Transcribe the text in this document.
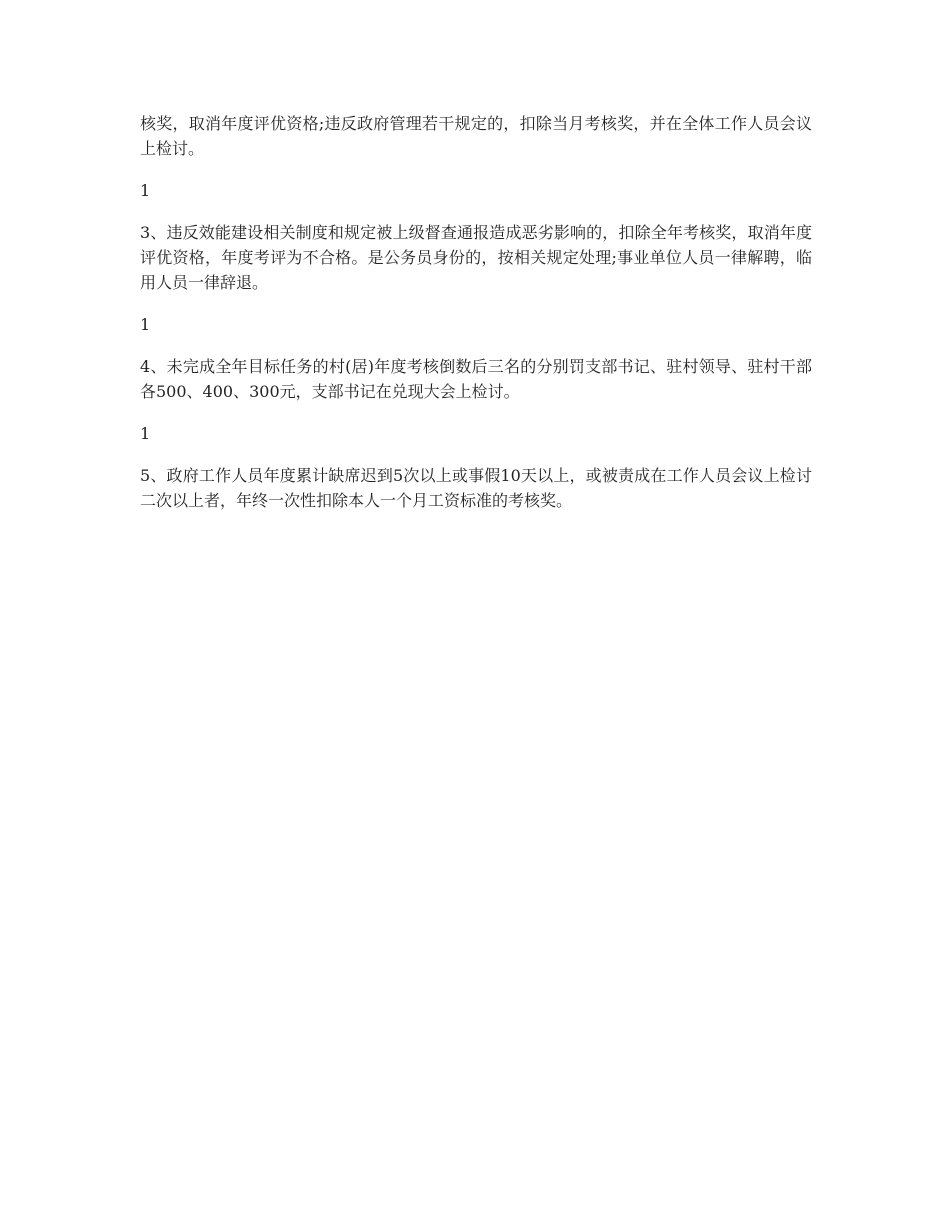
核奖，取消年度评优资格;违反政府管理若干规定的，扣除当月考核奖，并在全体工作人员会议上检讨。

1

3、违反效能建设相关制度和规定被上级督查通报造成恶劣影响的，扣除全年考核奖，取消年度评优资格，年度考评为不合格。是公务员身份的，按相关规定处理;事业单位人员一律解聘，临用人员一律辞退。

1

4、未完成全年目标任务的村(居)年度考核倒数后三名的分别罚支部书记、驻村领导、驻村干部各500、400、300元，支部书记在兑现大会上检讨。

1

5、政府工作人员年度累计缺席迟到5次以上或事假10天以上，或被责成在工作人员会议上检讨二次以上者，年终一次性扣除本人一个月工资标准的考核奖。
